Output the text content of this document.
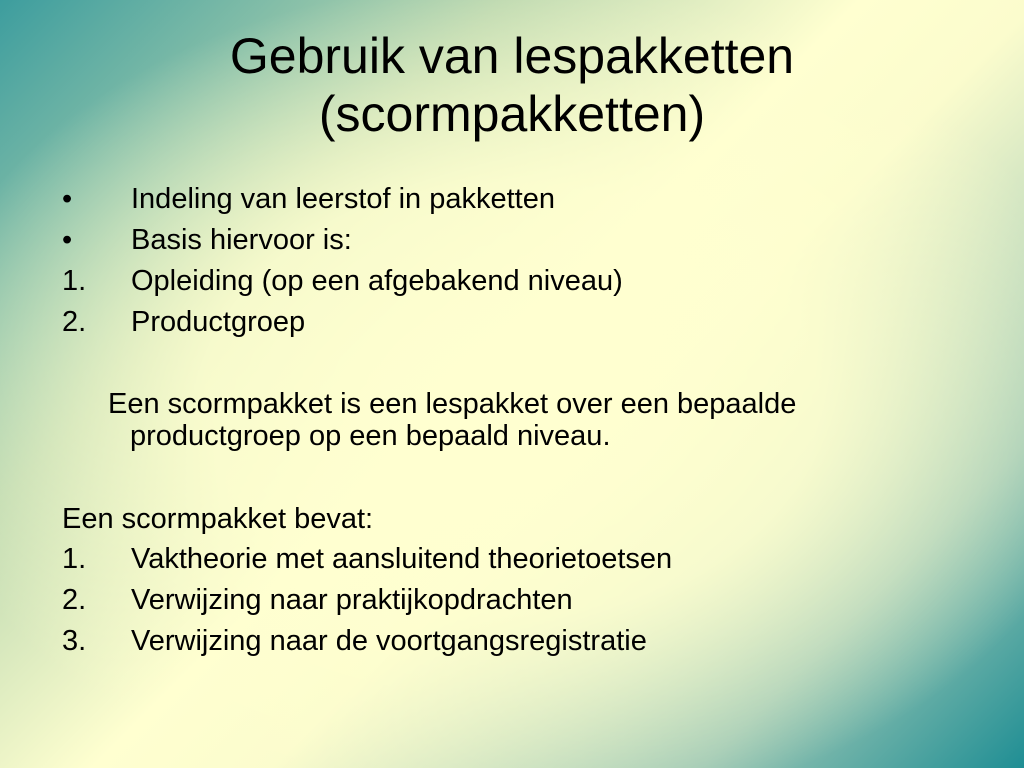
Gebruik van lespakketten
(scormpakketten)
• Indeling van leerstof in pakketten
• Basis hiervoor is:
1. Opleiding (op een afgebakend niveau)
2. Productgroep
Een scormpakket is een lespakket over een bepaalde
productgroep op een bepaald niveau.
Een scormpakket bevat:
1. Vaktheorie met aansluitend theorietoetsen
2. Verwijzing naar praktijkopdrachten
3. Verwijzing naar de voortgangsregistratie
